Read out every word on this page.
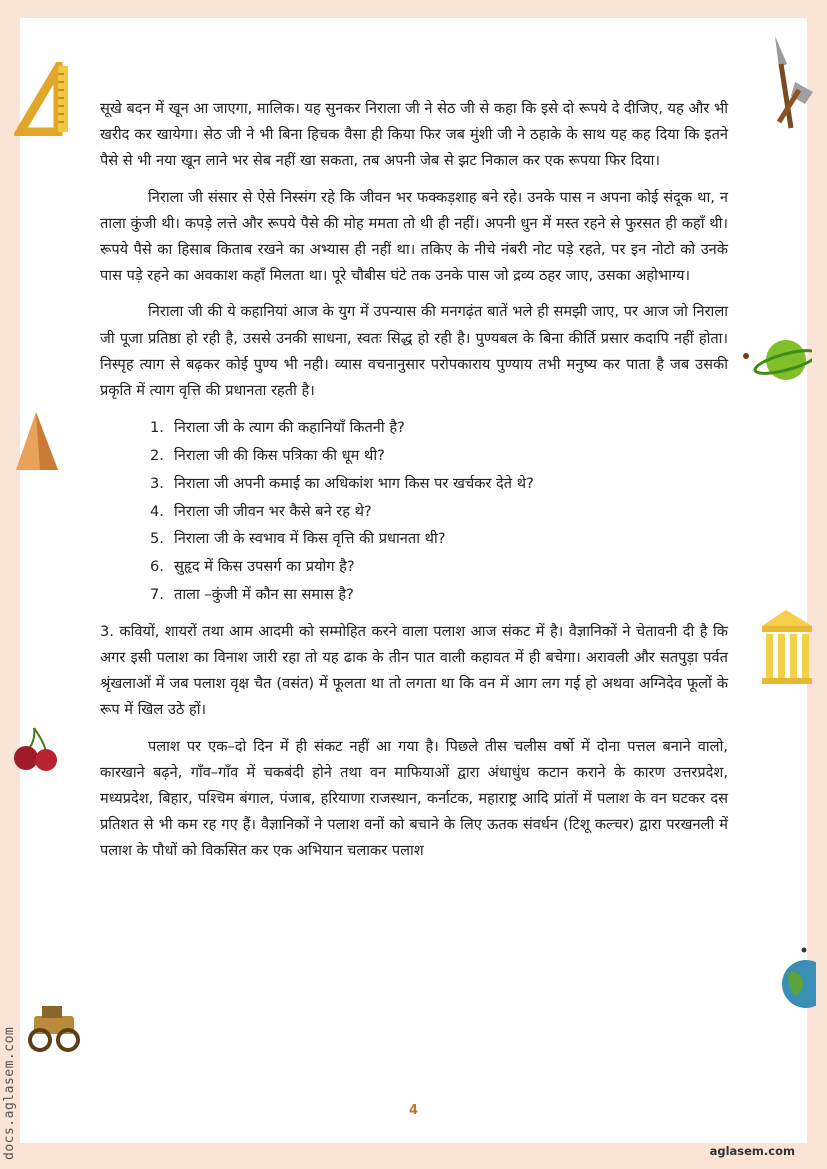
docs.aglasem.com

सूखे बदन में खून आ जाएगा, मालिक। यह सुनकर निराला जी ने सेठ जी से कहा कि इसे दो रूपये दे दीजिए, यह और भी खरीद कर खायेगा। सेठ जी ने भी बिना हिचक वैसा ही किया फिर जब मुंशी जी ने ठहाके के साथ यह कह दिया कि इतने पैसे से भी नया खून लाने भर सेब नहीं खा सकता, तब अपनी जेब से झट निकाल कर एक रूपया फिर दिया।

निराला जी संसार से ऐसे निस्संग रहे कि जीवन भर फक्कड़शाह बने रहे। उनके पास न अपना कोई संदूक था, न ताला कुंजी थी। कपड़े लत्ते और रूपये पैसे की मोह ममता तो थी ही नहीं। अपनी धुन में मस्त रहने से फुरसत ही कहाँ थी। रूपये पैसे का हिसाब किताब रखने का अभ्यास ही नहीं था। तकिए के नीचे नंबरी नोट पड़े रहते, पर इन नोटो को उनके पास पड़े रहने का अवकाश कहाँ मिलता था। पूरे चौबीस घंटे तक उनके पास जो द्रव्य ठहर जाए, उसका अहोभाग्य।

निराला जी की ये कहानियां आज के युग में उपन्यास की मनगढ़ंत बातें भले ही समझी जाए, पर आज जो निराला जी पूजा प्रतिष्ठा हो रही है, उससे उनकी साधना, स्वतः सिद्ध हो रही है। पुण्यबल के बिना कीर्ति प्रसार कदापि नहीं होता। निस्पृह त्याग से बढ़कर कोई पुण्य भी नही। व्यास वचनानुसार परोपकाराय पुण्याय तभी मनुष्य कर पाता है जब उसकी प्रकृति में त्याग वृत्ति की प्रधानता रहती है।

1. निराला जी के त्याग की कहानियाँ कितनी है?
2. निराला जी की किस पत्रिका की धूम थी?
3. निराला जी अपनी कमाई का अधिकांश भाग किस पर खर्चकर देते थे?
4. निराला जी जीवन भर कैसे बने रह थे?
5. निराला जी के स्वभाव में किस वृत्ति की प्रधानता थी?
6. सुहृद में किस उपसर्ग का प्रयोग है?
7. ताला –कुंजी में कौन सा समास है?

3. कवियों, शायरों तथा आम आदमी को सम्मोहित करने वाला पलाश आज संकट में है। वैज्ञानिकों ने चेतावनी दी है कि अगर इसी पलाश का विनाश जारी रहा तो यह ढाक के तीन पात वाली कहावत में ही बचेगा। अरावली और सतपुड़ा पर्वत श्रृंखलाओं में जब पलाश वृक्ष चैत (वसंत) में फूलता था तो लगता था कि वन में आग लग गई हो अथवा अग्निदेव फूलों के रूप में खिल उठे हों।

पलाश पर एक–दो दिन में ही संकट नहीं आ गया है। पिछले तीस चलीस वर्षो में दोना पत्तल बनाने वालो, कारखाने बढ़ने, गाँव–गाँव में चकबंदी होने तथा वन माफियाओं द्वारा अंधाधुंध कटान कराने के कारण उत्तरप्रदेश, मध्यप्रदेश, बिहार, पश्चिम बंगाल, पंजाब, हरियाणा राजस्थान, कर्नाटक, महाराष्ट्र आदि प्रांतों में पलाश के वन घटकर दस प्रतिशत से भी कम रह गए हैं। वैज्ञानिकों ने पलाश वनों को बचाने के लिए ऊतक संवर्धन (टिशू कल्चर) द्वारा परखनली में पलाश के पौधों को विकसित कर एक अभियान चलाकर पलाश

4
aglasem.com
